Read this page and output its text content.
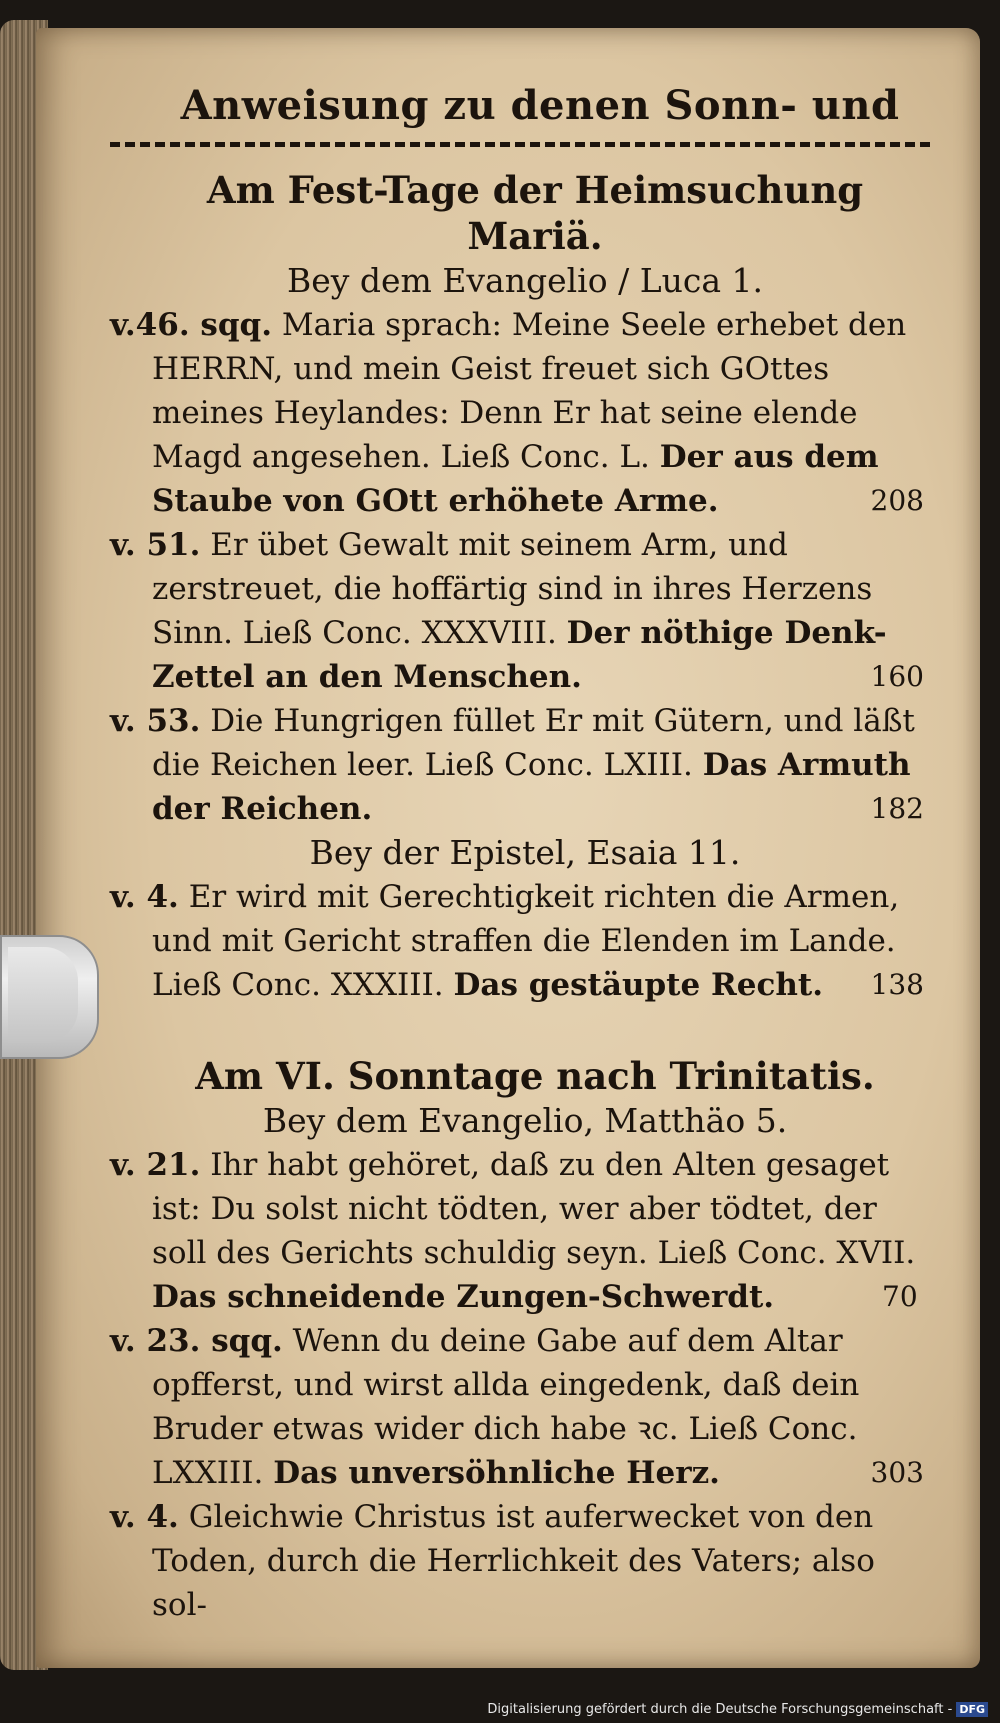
Anweisung zu denen Sonn- und
Am Fest-Tage der Heimsuchung Mariä.
Bey dem Evangelio / Luca 1.
v.46. sqq. Maria sprach: Meine Seele erhebet den HERRN, und mein Geist freuet sich GOttes meines Heylandes: Denn Er hat seine elende Magd angesehen. Ließ Conc. L. Der aus dem Staube von GOtt erhöhete Arme.	208
v. 51. Er übet Gewalt mit seinem Arm, und zerstreuet, die hoffärtig sind in ihres Herzens Sinn. Ließ Conc. XXXVIII. Der nöthige Denk-Zettel an den Menschen.	160
v. 53. Die Hungrigen füllet Er mit Gütern, und läßt die Reichen leer. Ließ Conc. LXIII. Das Armuth der Reichen.	182
Bey der Epistel, Esaia 11.
v. 4. Er wird mit Gerechtigkeit richten die Armen, und mit Gericht straffen die Elenden im Lande. Ließ Conc. XXXIII. Das gestäupte Recht. 138
Am VI. Sonntage nach Trinitatis.
Bey dem Evangelio, Matthäo 5.
v. 21. Ihr habt gehöret, daß zu den Alten gesaget ist: Du solst nicht tödten, wer aber tödtet, der soll des Gerichts schuldig seyn. Ließ Conc. XVII. Das schneidende Zungen-Schwerdt.	70
v. 23. sqq. Wenn du deine Gabe auf dem Altar opfferst, und wirst allda eingedenk, daß dein Bruder etwas wider dich habe ꝛc. Ließ Conc. LXXIII. Das unversöhnliche Herz.	303
v. 4. Gleichwie Christus ist auferwecket von den Toden, durch die Herrlichkeit des Vaters; also sol-
Digitalisierung gefördert durch die Deutsche Forschungsgemeinschaft - DFG
